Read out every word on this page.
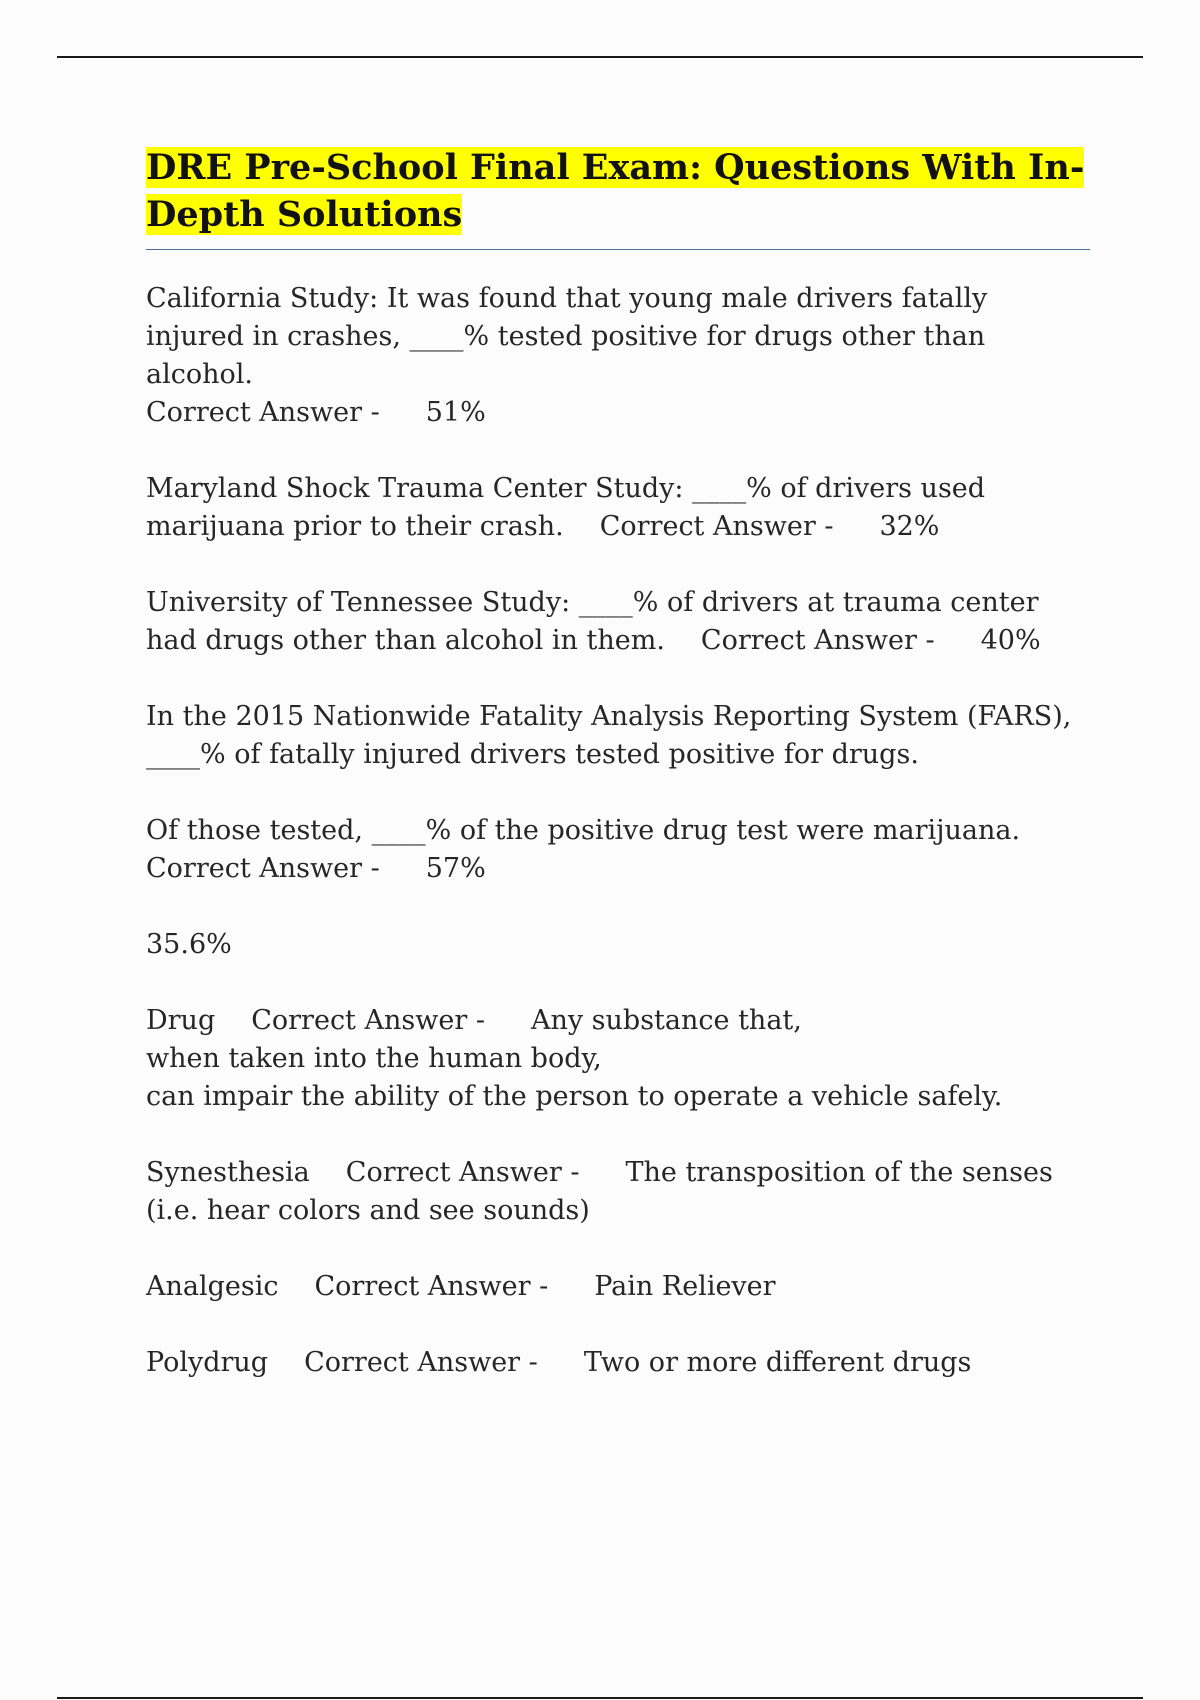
DRE Pre-School Final Exam: Questions With In-Depth Solutions

California Study: It was found that young male drivers fatally injured in crashes, ____% tested positive for drugs other than alcohol.
Correct Answer - 51%

Maryland Shock Trauma Center Study: ____% of drivers used marijuana prior to their crash. Correct Answer - 32%

University of Tennessee Study: ____% of drivers at trauma center had drugs other than alcohol in them. Correct Answer - 40%

In the 2015 Nationwide Fatality Analysis Reporting System (FARS), ____% of fatally injured drivers tested positive for drugs.

Of those tested, ____% of the positive drug test were marijuana.
Correct Answer - 57%

35.6%

Drug Correct Answer - Any substance that,
when taken into the human body,
can impair the ability of the person to operate a vehicle safely.

Synesthesia Correct Answer - The transposition of the senses (i.e. hear colors and see sounds)

Analgesic Correct Answer - Pain Reliever

Polydrug Correct Answer - Two or more different drugs
